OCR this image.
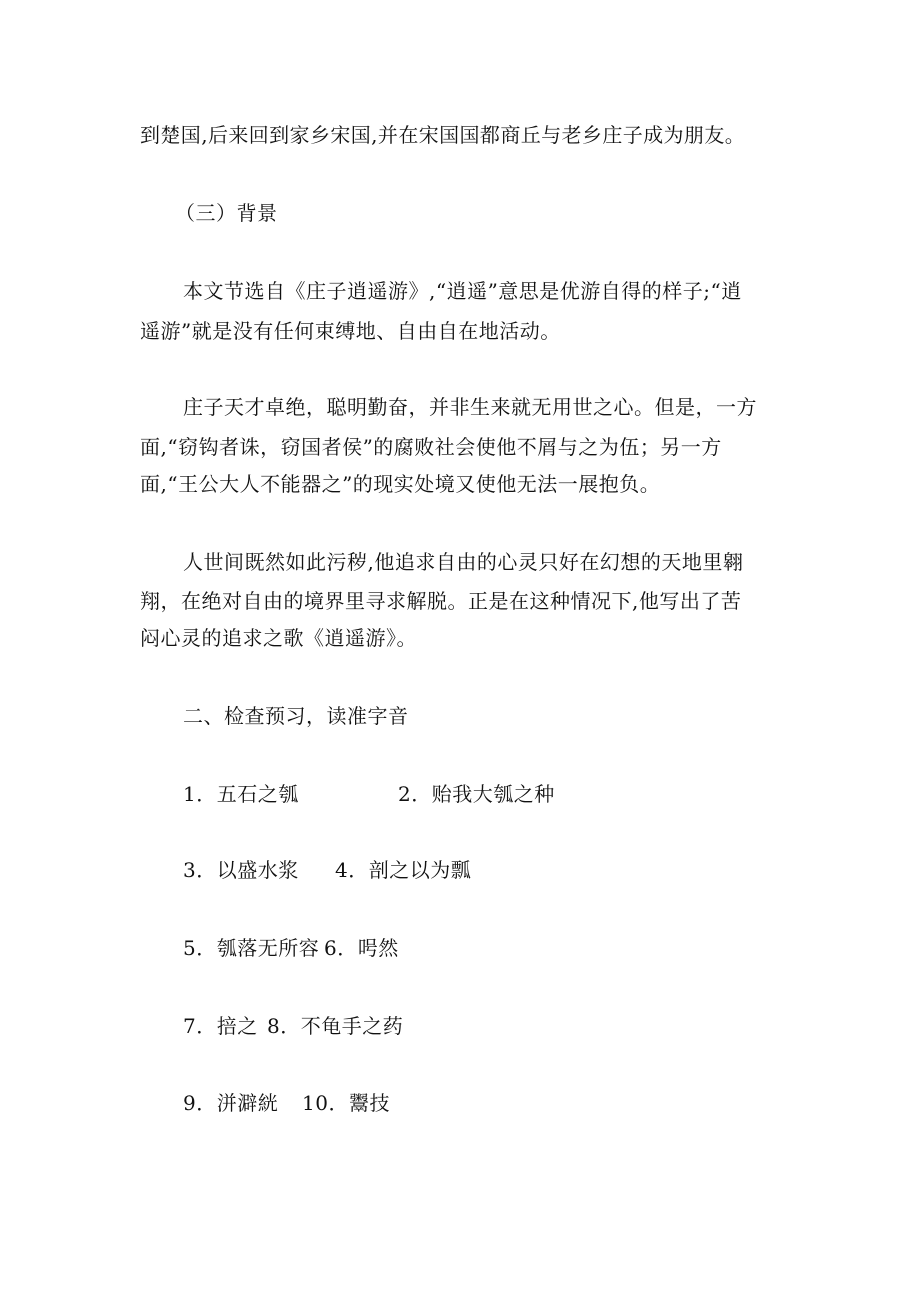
到楚国,后来回到家乡宋国,并在宋国国都商丘与老乡庄子成为朋友。
（三）背景
本文节选自《庄子逍遥游》,“逍遥”意思是优游自得的样子;“逍
遥游”就是没有任何束缚地、自由自在地活动。
庄子天才卓绝，聪明勤奋，并非生来就无用世之心。但是，一方
面,“窃钩者诛，窃国者侯”的腐败社会使他不屑与之为伍；另一方
面,“王公大人不能器之”的现实处境又使他无法一展抱负。
人世间既然如此污秽,他追求自由的心灵只好在幻想的天地里翱
翔，在绝对自由的境界里寻求解脱。正是在这种情况下,他写出了苦
闷心灵的追求之歌《逍遥游》。
二、检查预习，读准字音
1．五石之瓠	2．贻我大瓠之种
3．以盛水浆 4．剖之以为瓢
5．瓠落无所容 6．呺然
7．掊之 8．不龟手之药
9．洴澼絖 10．鬻技
